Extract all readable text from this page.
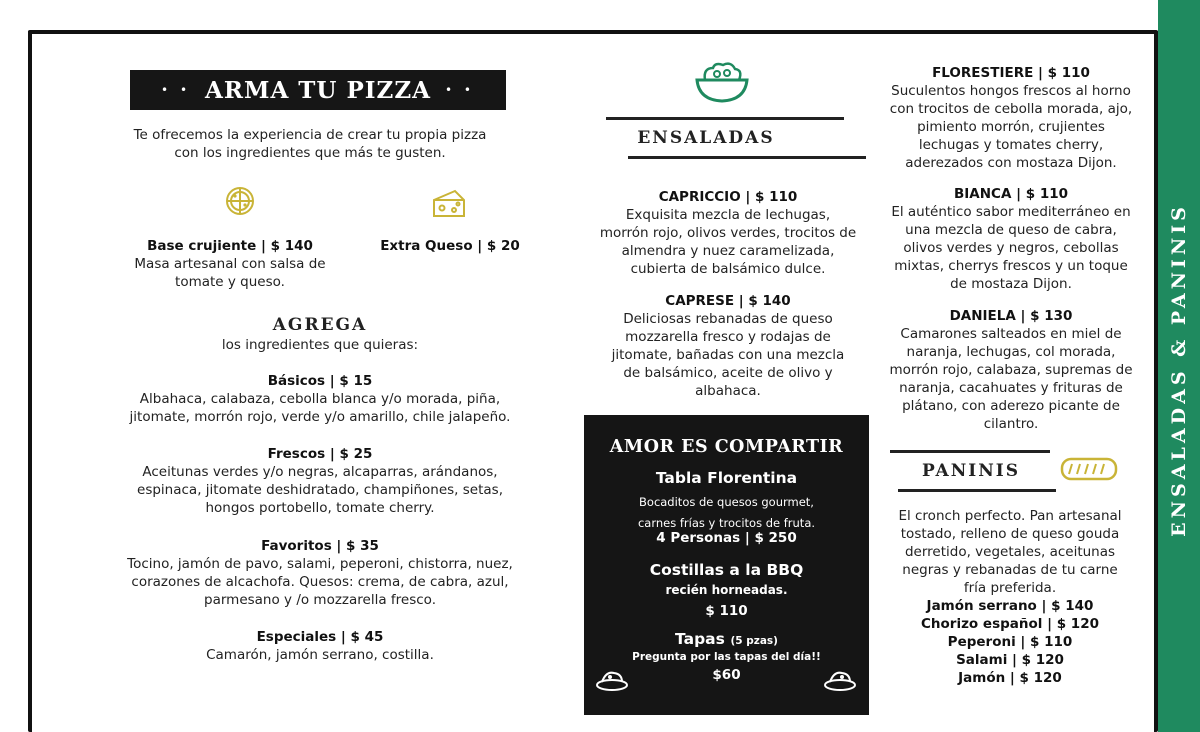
ENSALADAS & PANINIS
• • ARMA TU PIZZA • •
Te ofrecemos la experiencia de crear tu propia pizza
con los ingredientes que más te gusten.
Base crujiente | $ 140
Masa artesanal con salsa de
tomate y queso.
Extra Queso | $ 20
AGREGA
los ingredientes que quieras:
Básicos | $ 15
Albahaca, calabaza, cebolla blanca y/o morada, piña,
jitomate, morrón rojo, verde y/o amarillo, chile jalapeño.
Frescos | $ 25
Aceitunas verdes y/o negras, alcaparras, arándanos,
espinaca, jitomate deshidratado, champiñones, setas,
hongos portobello, tomate cherry.
Favoritos | $ 35
Tocino, jamón de pavo, salami, peperoni, chistorra, nuez,
corazones de alcachofa. Quesos: crema, de cabra, azul,
parmesano y /o mozzarella fresco.
Especiales | $ 45
Camarón, jamón serrano, costilla.
ENSALADAS
CAPRICCIO | $ 110
Exquisita mezcla de lechugas,
morrón rojo, olivos verdes, trocitos de
almendra y nuez caramelizada,
cubierta de balsámico dulce.
CAPRESE | $ 140
Deliciosas rebanadas de queso
mozzarella fresco y rodajas de
jitomate, bañadas con una mezcla
de balsámico, aceite de olivo y
albahaca.
FLORESTIERE | $ 110
Suculentos hongos frescos al horno
con trocitos de cebolla morada, ajo,
pimiento morrón, crujientes
lechugas y tomates cherry,
aderezados con mostaza Dijon.
BIANCA | $ 110
El auténtico sabor mediterráneo en
una mezcla de queso de cabra,
olivos verdes y negros, cebollas
mixtas, cherrys frescos y un toque
de mostaza Dijon.
DANIELA | $ 130
Camarones salteados en miel de
naranja, lechugas, col morada,
morrón rojo, calabaza, supremas de
naranja, cacahuates y frituras de
plátano, con aderezo picante de
cilantro.
AMOR ES COMPARTIR
Tabla Florentina
Bocaditos de quesos gourmet,
carnes frías y trocitos de fruta.
4 Personas | $ 250
Costillas a la BBQ
recién horneadas.
$ 110
Tapas (5 pzas)
Pregunta por las tapas del día!!
$60
PANINIS
El cronch perfecto. Pan artesanal
tostado, relleno de queso gouda
derretido, vegetales, aceitunas
negras y rebanadas de tu carne
fría preferida.
Jamón serrano | $ 140
Chorizo español | $ 120
Peperoni | $ 110
Salami | $ 120
Jamón | $ 120
